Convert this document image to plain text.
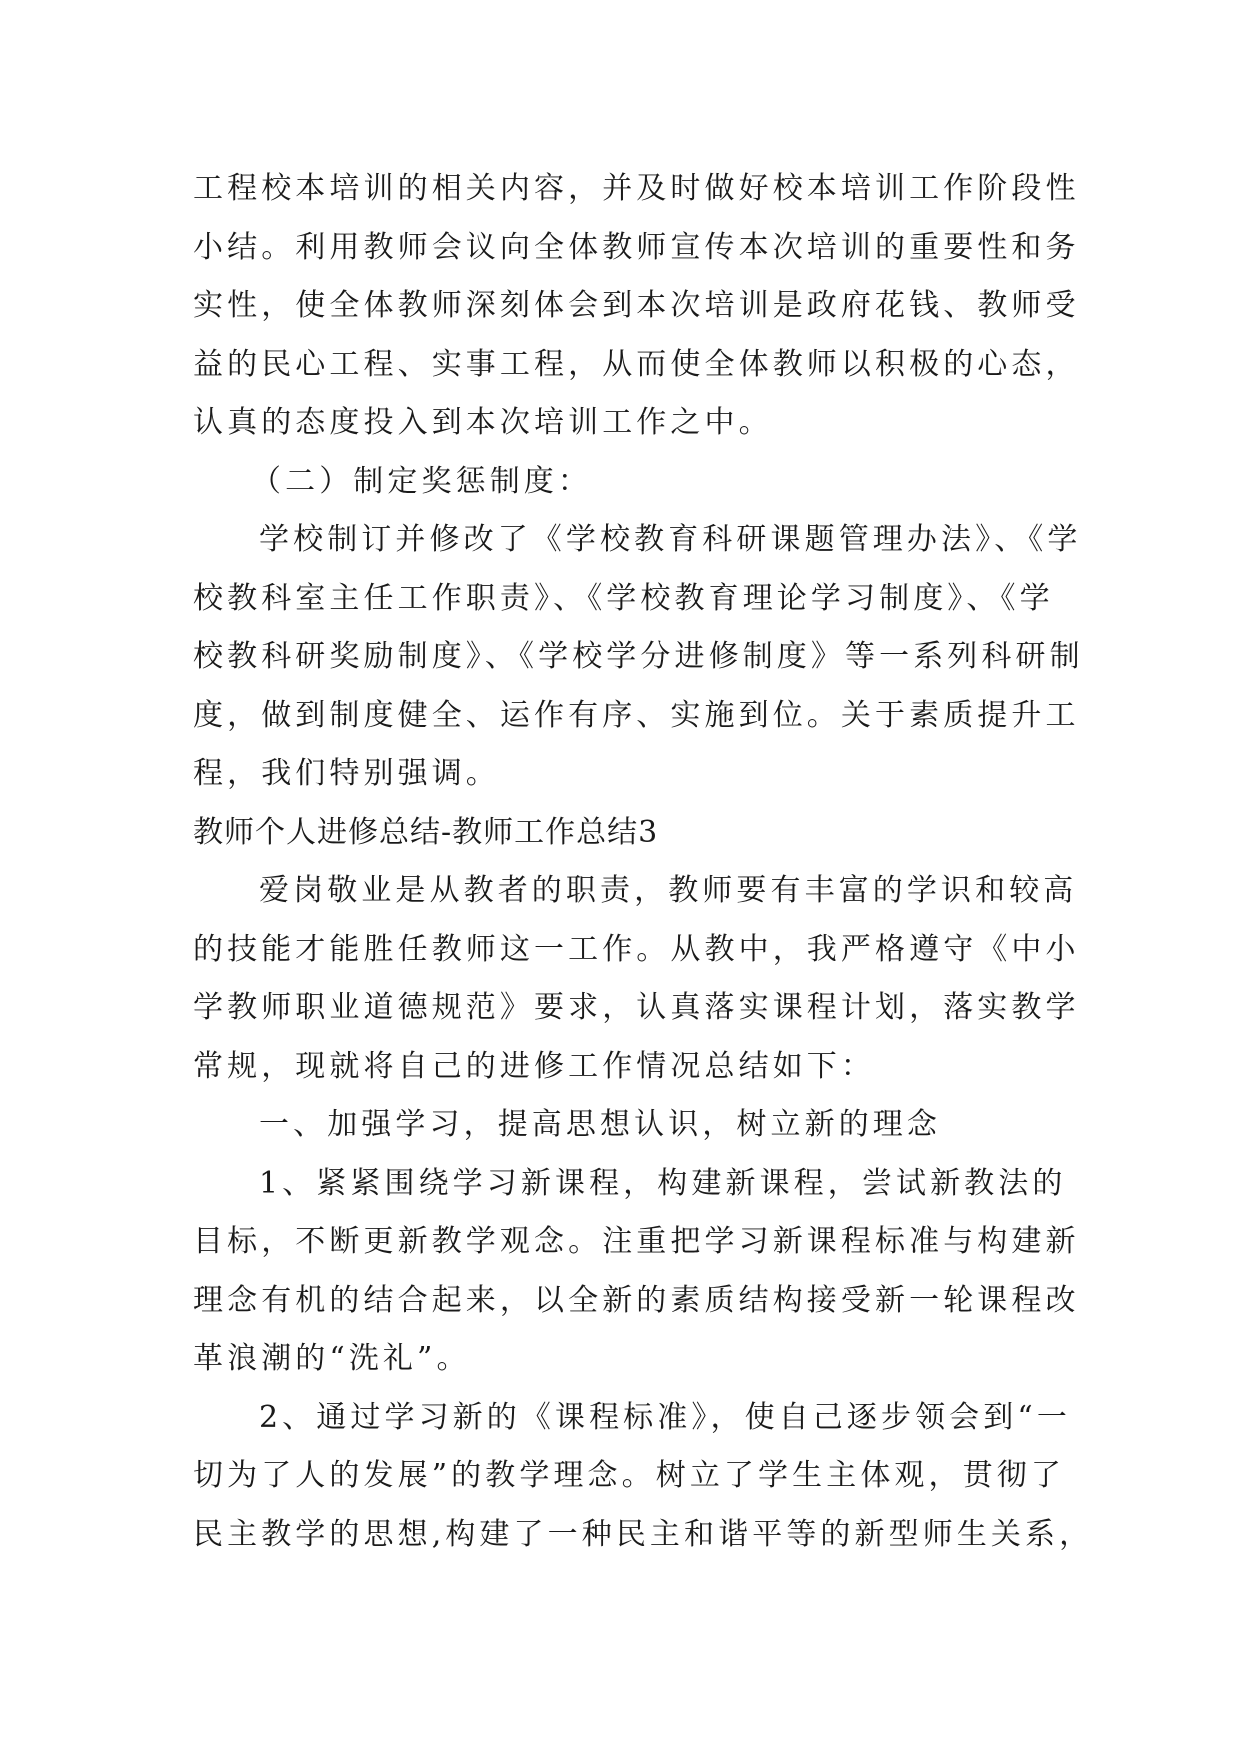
工程校本培训的相关内容，并及时做好校本培训工作阶段性
小结。利用教师会议向全体教师宣传本次培训的重要性和务
实性，使全体教师深刻体会到本次培训是政府花钱、教师受
益的民心工程、实事工程，从而使全体教师以积极的心态，
认真的态度投入到本次培训工作之中。
（二）制定奖惩制度：
学校制订并修改了《学校教育科研课题管理办法》、《学
校教科室主任工作职责》、《学校教育理论学习制度》、《学
校教科研奖励制度》、《学校学分进修制度》等一系列科研制
度，做到制度健全、运作有序、实施到位。关于素质提升工
程，我们特别强调。
教师个人进修总结-教师工作总结3
爱岗敬业是从教者的职责，教师要有丰富的学识和较高
的技能才能胜任教师这一工作。从教中，我严格遵守《中小
学教师职业道德规范》要求，认真落实课程计划，落实教学
常规，现就将自己的进修工作情况总结如下：
一、加强学习，提高思想认识，树立新的理念
1、紧紧围绕学习新课程，构建新课程，尝试新教法的
目标，不断更新教学观念。注重把学习新课程标准与构建新
理念有机的结合起来，以全新的素质结构接受新一轮课程改
革浪潮的“洗礼”。
2、通过学习新的《课程标准》，使自己逐步领会到“一
切为了人的发展”的教学理念。树立了学生主体观，贯彻了
民主教学的思想,构建了一种民主和谐平等的新型师生关系，
